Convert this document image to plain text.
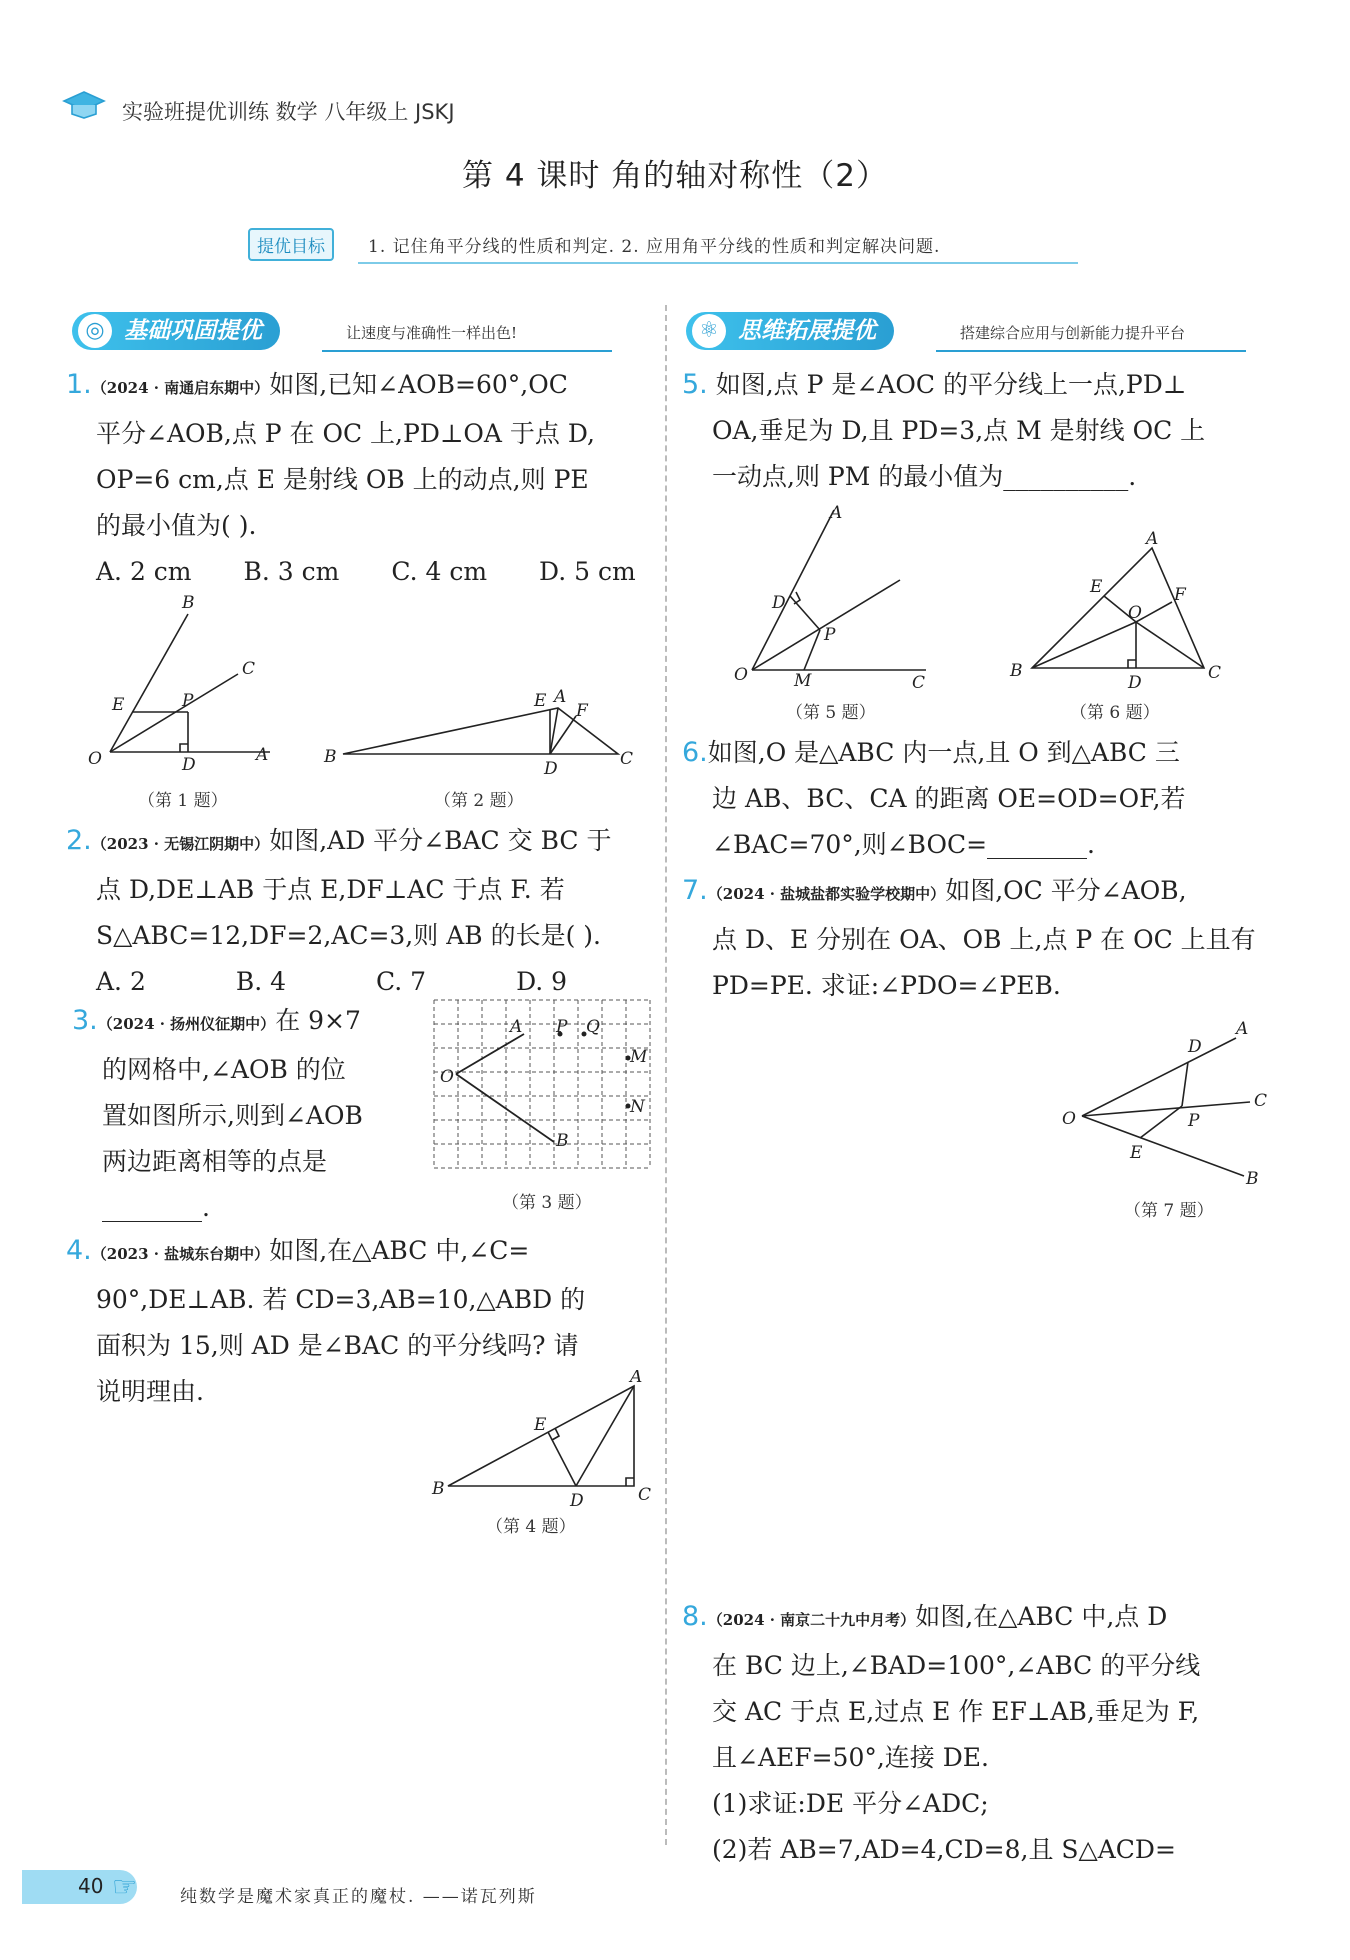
实验班提优训练 数学 八年级上 JSKJ
第 4 课时 角的轴对称性（2）
提优目标	1. 记住角平分线的性质和判定. 2. 应用角平分线的性质和判定解决问题.
◎ 基础巩固提优	让速度与准确性一样出色!	⚛ 思维拓展提优	搭建综合应用与创新能力提升平台
1.（2024 · 南通启东期中）如图,已知∠AOB=60°,OC
平分∠AOB,点 P 在 OC 上,PD⊥OA 于点 D,
OP=6 cm,点 E 是射线 OB 上的动点,则 PE
的最小值为( ).
A. 2 cm B. 3 cm C. 4 cm D. 5 cm
B
C
E	P
O	D	A
（第 1 题）
B
E A
F
D	C
（第 2 题）
2.（2023 · 无锡江阴期中）如图,AD 平分∠BAC 交 BC 于
点 D,DE⊥AB 于点 E,DF⊥AC 于点 F. 若
S△ABC=12,DF=2,AC=3,则 AB 的长是( ).
A. 2	B. 4	C. 7	D. 9
3.（2024 · 扬州仪征期中）在 9×7
的网格中,∠AOB 的位
置如图所示,则到∠AOB
两边距离相等的点是
________.
A P Q
O
M
N
B
（第 3 题）
4.（2023 · 盐城东台期中）如图,在△ABC 中,∠C=
90°,DE⊥AB. 若 CD=3,AB=10,△ABD 的
面积为 15,则 AD 是∠BAC 的平分线吗? 请
说明理由.	A
E
B
D	C
（第 4 题）
5. 如图,点 P 是∠AOC 的平分线上一点,PD⊥
OA,垂足为 D,且 PD=3,点 M 是射线 OC 上
一动点,则 PM 的最小值为__________.
A
D
P
O	M	C
（第 5 题）
A
E	F
O
B
D	C
（第 6 题）
6.如图,O 是△ABC 内一点,且 O 到△ABC 三
边 AB、BC、CA 的距离 OE=OD=OF,若
∠BAC=70°,则∠BOC=________.
7.（2024 · 盐城盐都实验学校期中）如图,OC 平分∠AOB,
点 D、E 分别在 OA、OB 上,点 P 在 OC 上且有
PD=PE. 求证:∠PDO=∠PEB.
D
A
C
O	P
E
B
（第 7 题）
8.（2024 · 南京二十九中月考）如图,在△ABC 中,点 D
在 BC 边上,∠BAD=100°,∠ABC 的平分线
交 AC 于点 E,过点 E 作 EF⊥AB,垂足为 F,
且∠AEF=50°,连接 DE.
(1)求证:DE 平分∠ADC;
(2)若 AB=7,AD=4,CD=8,且 S△ACD=
40 ☞	纯数学是魔术家真正的魔杖. ——诺瓦列斯
